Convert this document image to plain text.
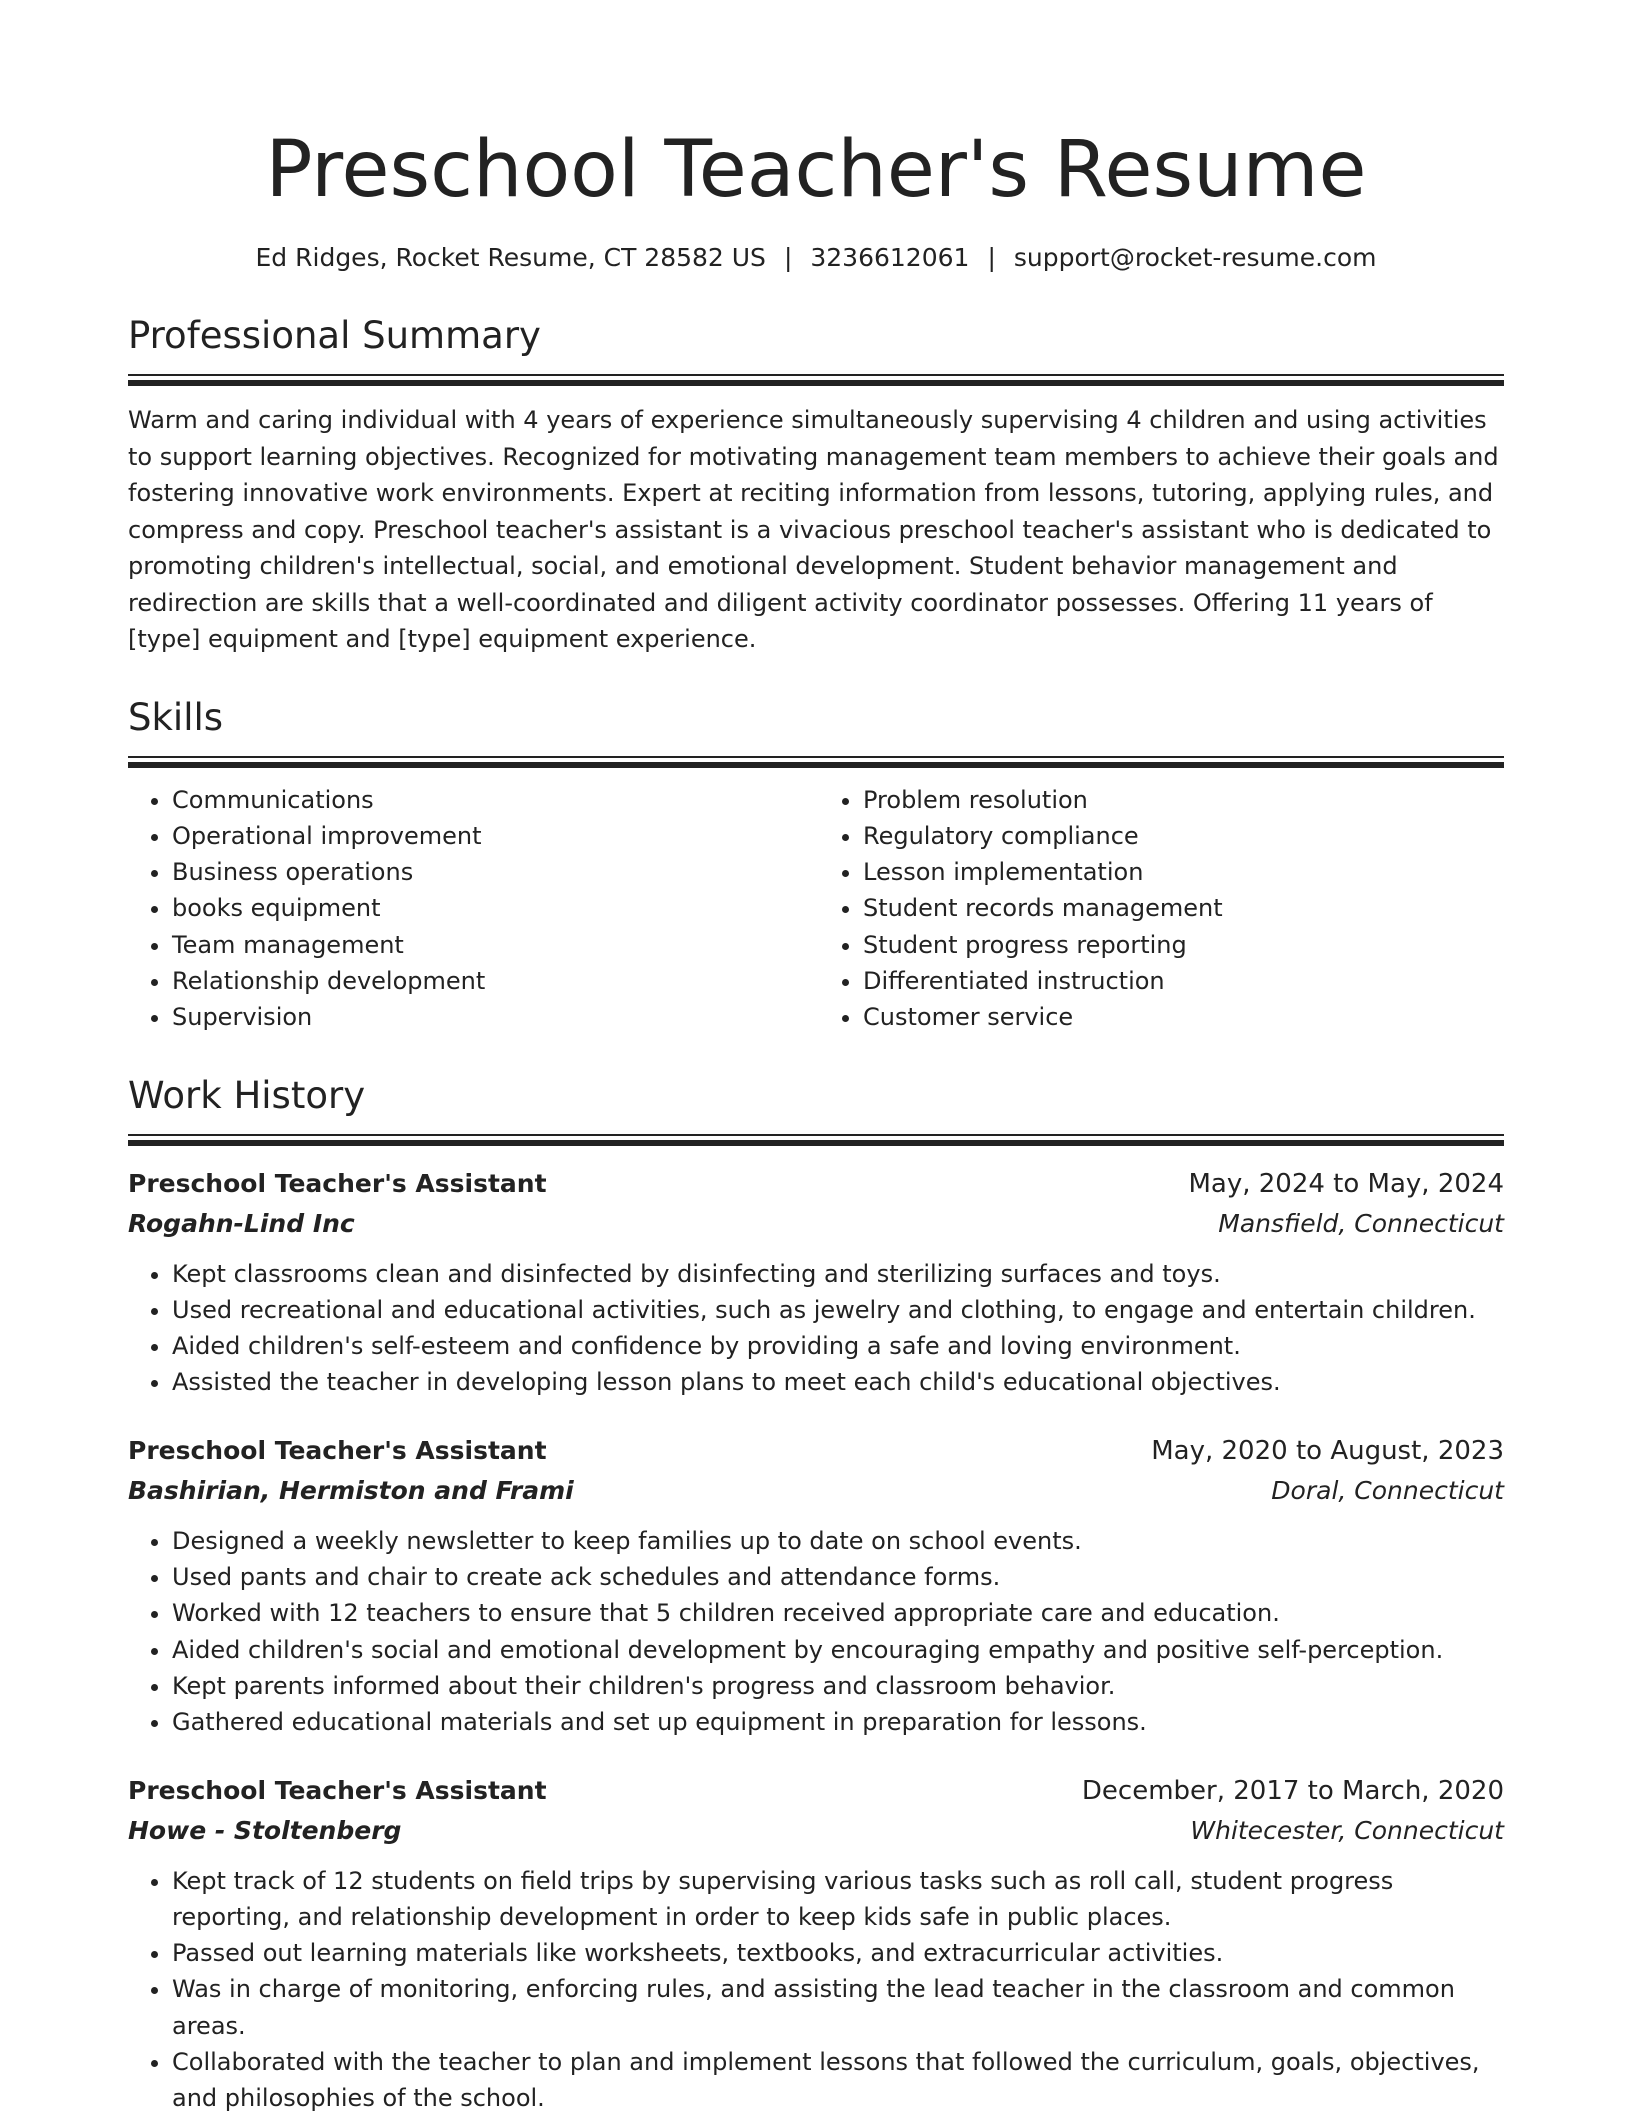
Preschool Teacher's Resume
Ed Ridges, Rocket Resume, CT 28582 US | 3236612061 | support@rocket-resume.com
Professional Summary

Warm and caring individual with 4 years of experience simultaneously supervising 4 children and using activities to support learning objectives. Recognized for motivating management team members to achieve their goals and fostering innovative work environments. Expert at reciting information from lessons, tutoring, applying rules, and compress and copy. Preschool teacher's assistant is a vivacious preschool teacher's assistant who is dedicated to promoting children's intellectual, social, and emotional development. Student behavior management and redirection are skills that a well-coordinated and diligent activity coordinator possesses. Offering 11 years of [type] equipment and [type] equipment experience.

Skills
• Communications
• Operational improvement
• Business operations
• books equipment
• Team management
• Relationship development
• Supervision
• Problem resolution
• Regulatory compliance
• Lesson implementation
• Student records management
• Student progress reporting
• Differentiated instruction
• Customer service
Work History
Preschool Teacher's Assistant	May, 2024 to May, 2024
Rogahn-Lind Inc	Mansfield, Connecticut
• Kept classrooms clean and disinfected by disinfecting and sterilizing surfaces and toys.
• Used recreational and educational activities, such as jewelry and clothing, to engage and entertain children.
• Aided children's self-esteem and confidence by providing a safe and loving environment.
• Assisted the teacher in developing lesson plans to meet each child's educational objectives.
Preschool Teacher's Assistant	May, 2020 to August, 2023
Bashirian, Hermiston and Frami	Doral, Connecticut
• Designed a weekly newsletter to keep families up to date on school events.
• Used pants and chair to create ack schedules and attendance forms.
• Worked with 12 teachers to ensure that 5 children received appropriate care and education.
• Aided children's social and emotional development by encouraging empathy and positive self-perception.
• Kept parents informed about their children's progress and classroom behavior.
• Gathered educational materials and set up equipment in preparation for lessons.
Preschool Teacher's Assistant	December, 2017 to March, 2020
Howe - Stoltenberg	Whitecester, Connecticut
• Kept track of 12 students on field trips by supervising various tasks such as roll call, student progress reporting, and relationship development in order to keep kids safe in public places.
• Passed out learning materials like worksheets, textbooks, and extracurricular activities.
• Was in charge of monitoring, enforcing rules, and assisting the lead teacher in the classroom and common areas.
• Collaborated with the teacher to plan and implement lessons that followed the curriculum, goals, objectives, and philosophies of the school.
